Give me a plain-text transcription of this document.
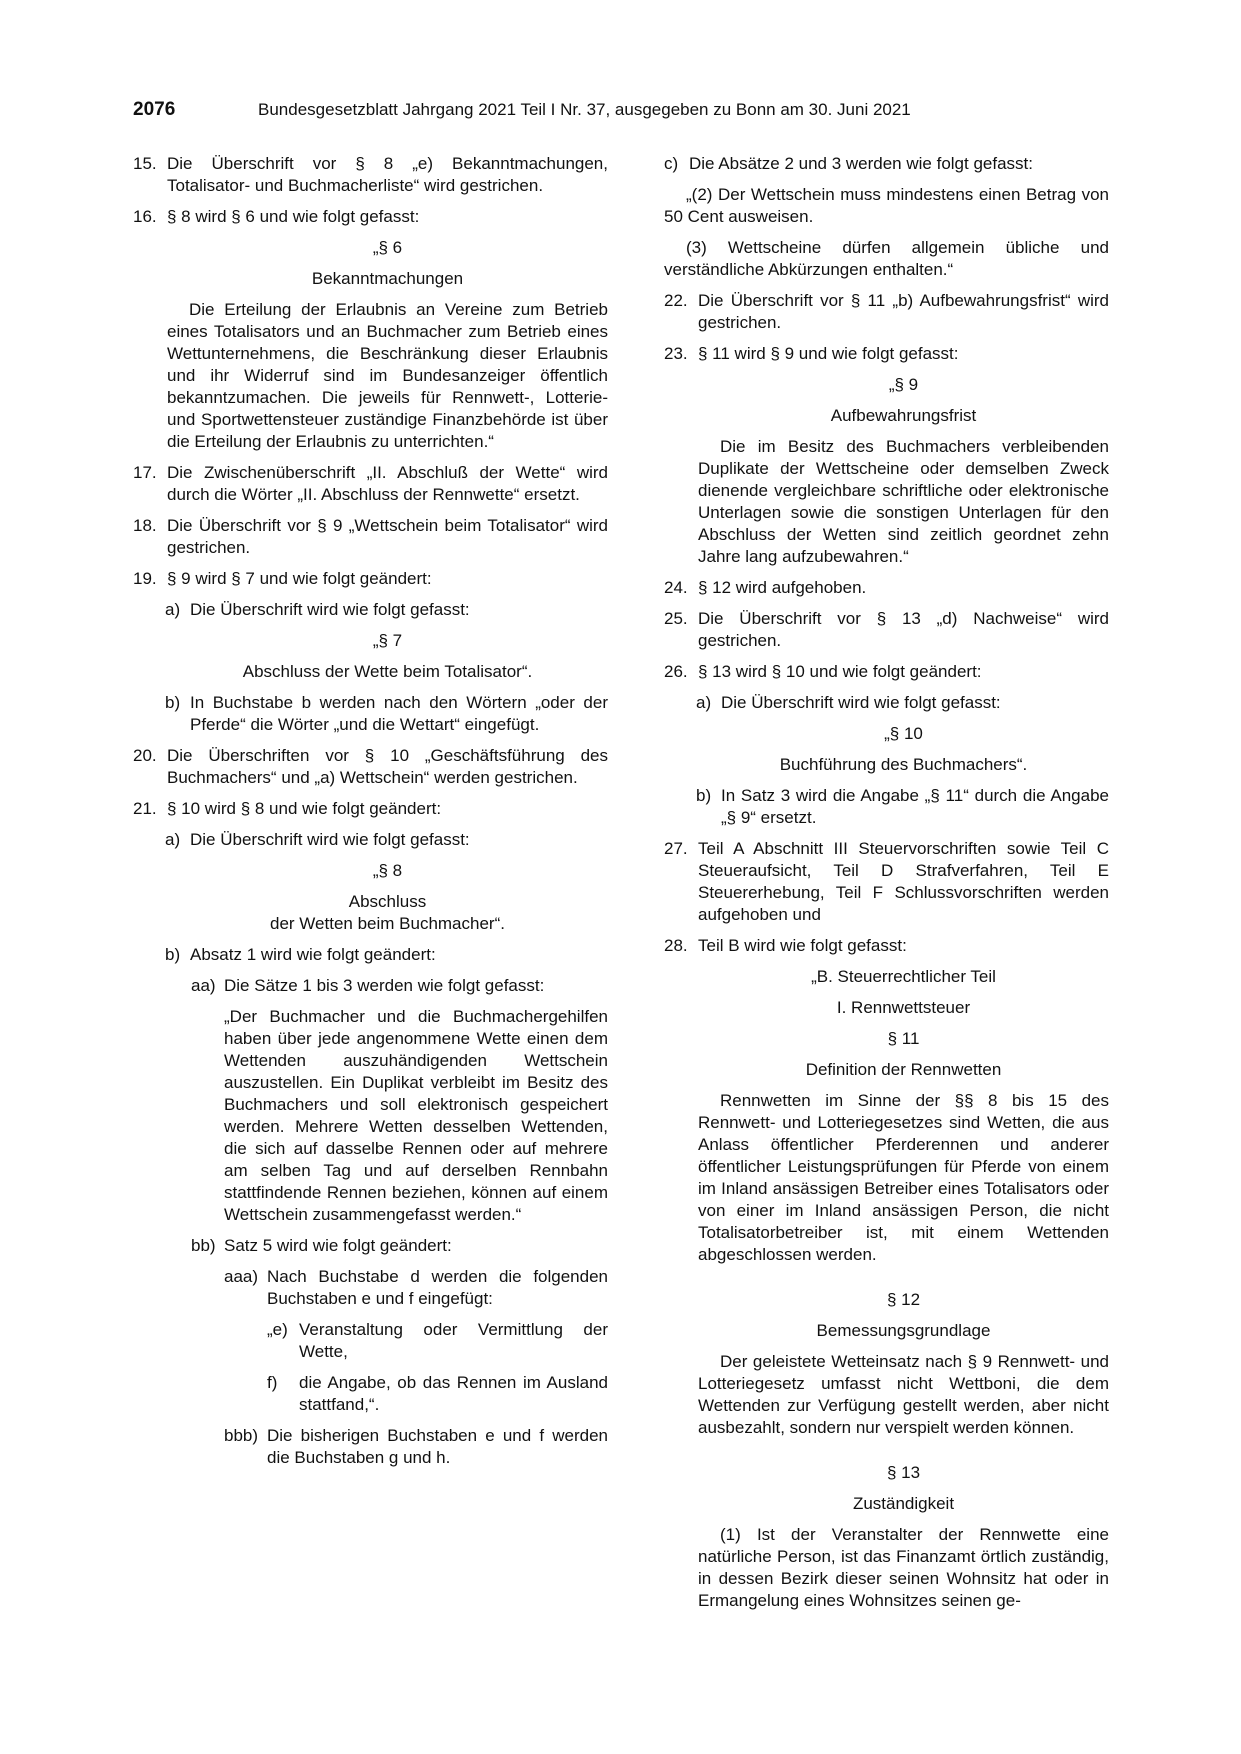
2076	Bundesgesetzblatt Jahrgang 2021 Teil I Nr. 37, ausgegeben zu Bonn am 30. Juni 2021
15. Die Überschrift vor § 8 „e) Bekanntmachungen, Totalisator- und Buchmacherliste“ wird gestrichen.
16. § 8 wird § 6 und wie folgt gefasst:
„§ 6
Bekanntmachungen
Die Erteilung der Erlaubnis an Vereine zum Betrieb eines Totalisators und an Buchmacher zum Betrieb eines Wettunternehmens, die Beschränkung dieser Erlaubnis und ihr Widerruf sind im Bundesanzeiger öffentlich bekanntzumachen. Die jeweils für Rennwett-, Lotterie- und Sportwettensteuer zuständige Finanzbehörde ist über die Erteilung der Erlaubnis zu unterrichten.“
17. Die Zwischenüberschrift „II. Abschluß der Wette“ wird durch die Wörter „II. Abschluss der Rennwette“ ersetzt.
18. Die Überschrift vor § 9 „Wettschein beim Totalisator“ wird gestrichen.
19. § 9 wird § 7 und wie folgt geändert:
a) Die Überschrift wird wie folgt gefasst:
„§ 7
Abschluss der Wette beim Totalisator“.
b) In Buchstabe b werden nach den Wörtern „oder der Pferde“ die Wörter „und die Wettart“ eingefügt.
20. Die Überschriften vor § 10 „Geschäftsführung des Buchmachers“ und „a) Wettschein“ werden gestrichen.
21. § 10 wird § 8 und wie folgt geändert:
a) Die Überschrift wird wie folgt gefasst:
„§ 8
Abschluss
der Wetten beim Buchmacher“.
b) Absatz 1 wird wie folgt geändert:
aa) Die Sätze 1 bis 3 werden wie folgt gefasst:
„Der Buchmacher und die Buchmachergehilfen haben über jede angenommene Wette einen dem Wettenden auszuhändigenden Wettschein auszustellen. Ein Duplikat verbleibt im Besitz des Buchmachers und soll elektronisch gespeichert werden. Mehrere Wetten desselben Wettenden, die sich auf dasselbe Rennen oder auf mehrere am selben Tag und auf derselben Rennbahn stattfindende Rennen beziehen, können auf einem Wettschein zusammengefasst werden.“
bb) Satz 5 wird wie folgt geändert:
aaa) Nach Buchstabe d werden die folgenden Buchstaben e und f eingefügt:
„e) Veranstaltung oder Vermittlung der Wette,
f)	die Angabe, ob das Rennen im Ausland stattfand,“.
bbb) Die bisherigen Buchstaben e und f werden die Buchstaben g und h.
c) Die Absätze 2 und 3 werden wie folgt gefasst:
„(2) Der Wettschein muss mindestens einen Betrag von 50 Cent ausweisen.
(3) Wettscheine dürfen allgemein übliche und verständliche Abkürzungen enthalten.“
22. Die Überschrift vor § 11 „b) Aufbewahrungsfrist“ wird gestrichen.
23. § 11 wird § 9 und wie folgt gefasst:
„§ 9
Aufbewahrungsfrist
Die im Besitz des Buchmachers verbleibenden Duplikate der Wettscheine oder demselben Zweck dienende vergleichbare schriftliche oder elektronische Unterlagen sowie die sonstigen Unterlagen für den Abschluss der Wetten sind zeitlich geordnet zehn Jahre lang aufzubewahren.“
24. § 12 wird aufgehoben.
25. Die Überschrift vor § 13 „d) Nachweise“ wird gestrichen.
26. § 13 wird § 10 und wie folgt geändert:
a) Die Überschrift wird wie folgt gefasst:
„§ 10
Buchführung des Buchmachers“.
b) In Satz 3 wird die Angabe „§ 11“ durch die Angabe „§ 9“ ersetzt.
27. Teil A Abschnitt III Steuervorschriften sowie Teil C Steueraufsicht, Teil D Strafverfahren, Teil E Steuererhebung, Teil F Schlussvorschriften werden aufgehoben und
28. Teil B wird wie folgt gefasst:
„B. Steuerrechtlicher Teil
I. Rennwettsteuer
§ 11
Definition der Rennwetten
Rennwetten im Sinne der §§ 8 bis 15 des Rennwett- und Lotteriegesetzes sind Wetten, die aus Anlass öffentlicher Pferderennen und anderer öffentlicher Leistungsprüfungen für Pferde von einem im Inland ansässigen Betreiber eines Totalisators oder von einer im Inland ansässigen Person, die nicht Totalisatorbetreiber ist, mit einem Wettenden abgeschlossen werden.
§ 12
Bemessungsgrundlage
Der geleistete Wetteinsatz nach § 9 Rennwett- und Lotteriegesetz umfasst nicht Wettboni, die dem Wettenden zur Verfügung gestellt werden, aber nicht ausbezahlt, sondern nur verspielt werden können.
§ 13
Zuständigkeit
(1) Ist der Veranstalter der Rennwette eine natürliche Person, ist das Finanzamt örtlich zuständig, in dessen Bezirk dieser seinen Wohnsitz hat oder in Ermangelung eines Wohnsitzes seinen ge-
